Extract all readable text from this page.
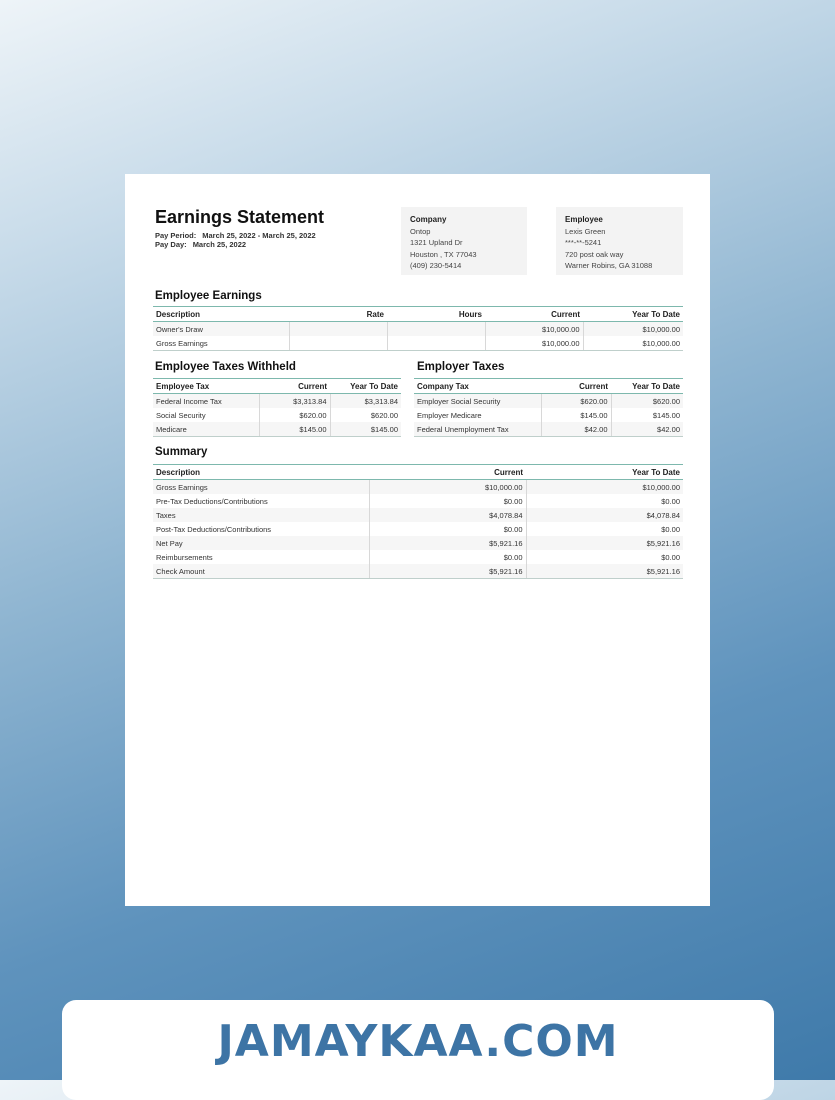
Earnings Statement
Pay Period: March 25, 2022 - March 25, 2022
Pay Day: March 25, 2022
Company
Ontop
1321 Upland Dr
Houston , TX 77043
(409) 230-5414
Employee
Lexis Green
***-**-5241
720 post oak way
Warner Robins, GA 31088
Employee Earnings
Description	Rate	Hours	Current	Year To Date
Owner's Draw			$10,000.00	$10,000.00
Gross Earnings			$10,000.00	$10,000.00
Employee Taxes Withheld
Employee Tax	Current	Year To Date
Federal Income Tax	$3,313.84	$3,313.84
Social Security	$620.00	$620.00
Medicare	$145.00	$145.00
Employer Taxes
Company Tax	Current	Year To Date
Employer Social Security	$620.00	$620.00
Employer Medicare	$145.00	$145.00
Federal Unemployment Tax	$42.00	$42.00
Summary
Description	Current	Year To Date
Gross Earnings	$10,000.00	$10,000.00
Pre-Tax Deductions/Contributions	$0.00	$0.00
Taxes	$4,078.84	$4,078.84
Post-Tax Deductions/Contributions	$0.00	$0.00
Net Pay	$5,921.16	$5,921.16
Reimbursements	$0.00	$0.00
Check Amount	$5,921.16	$5,921.16
JAMAYKAA.COM
